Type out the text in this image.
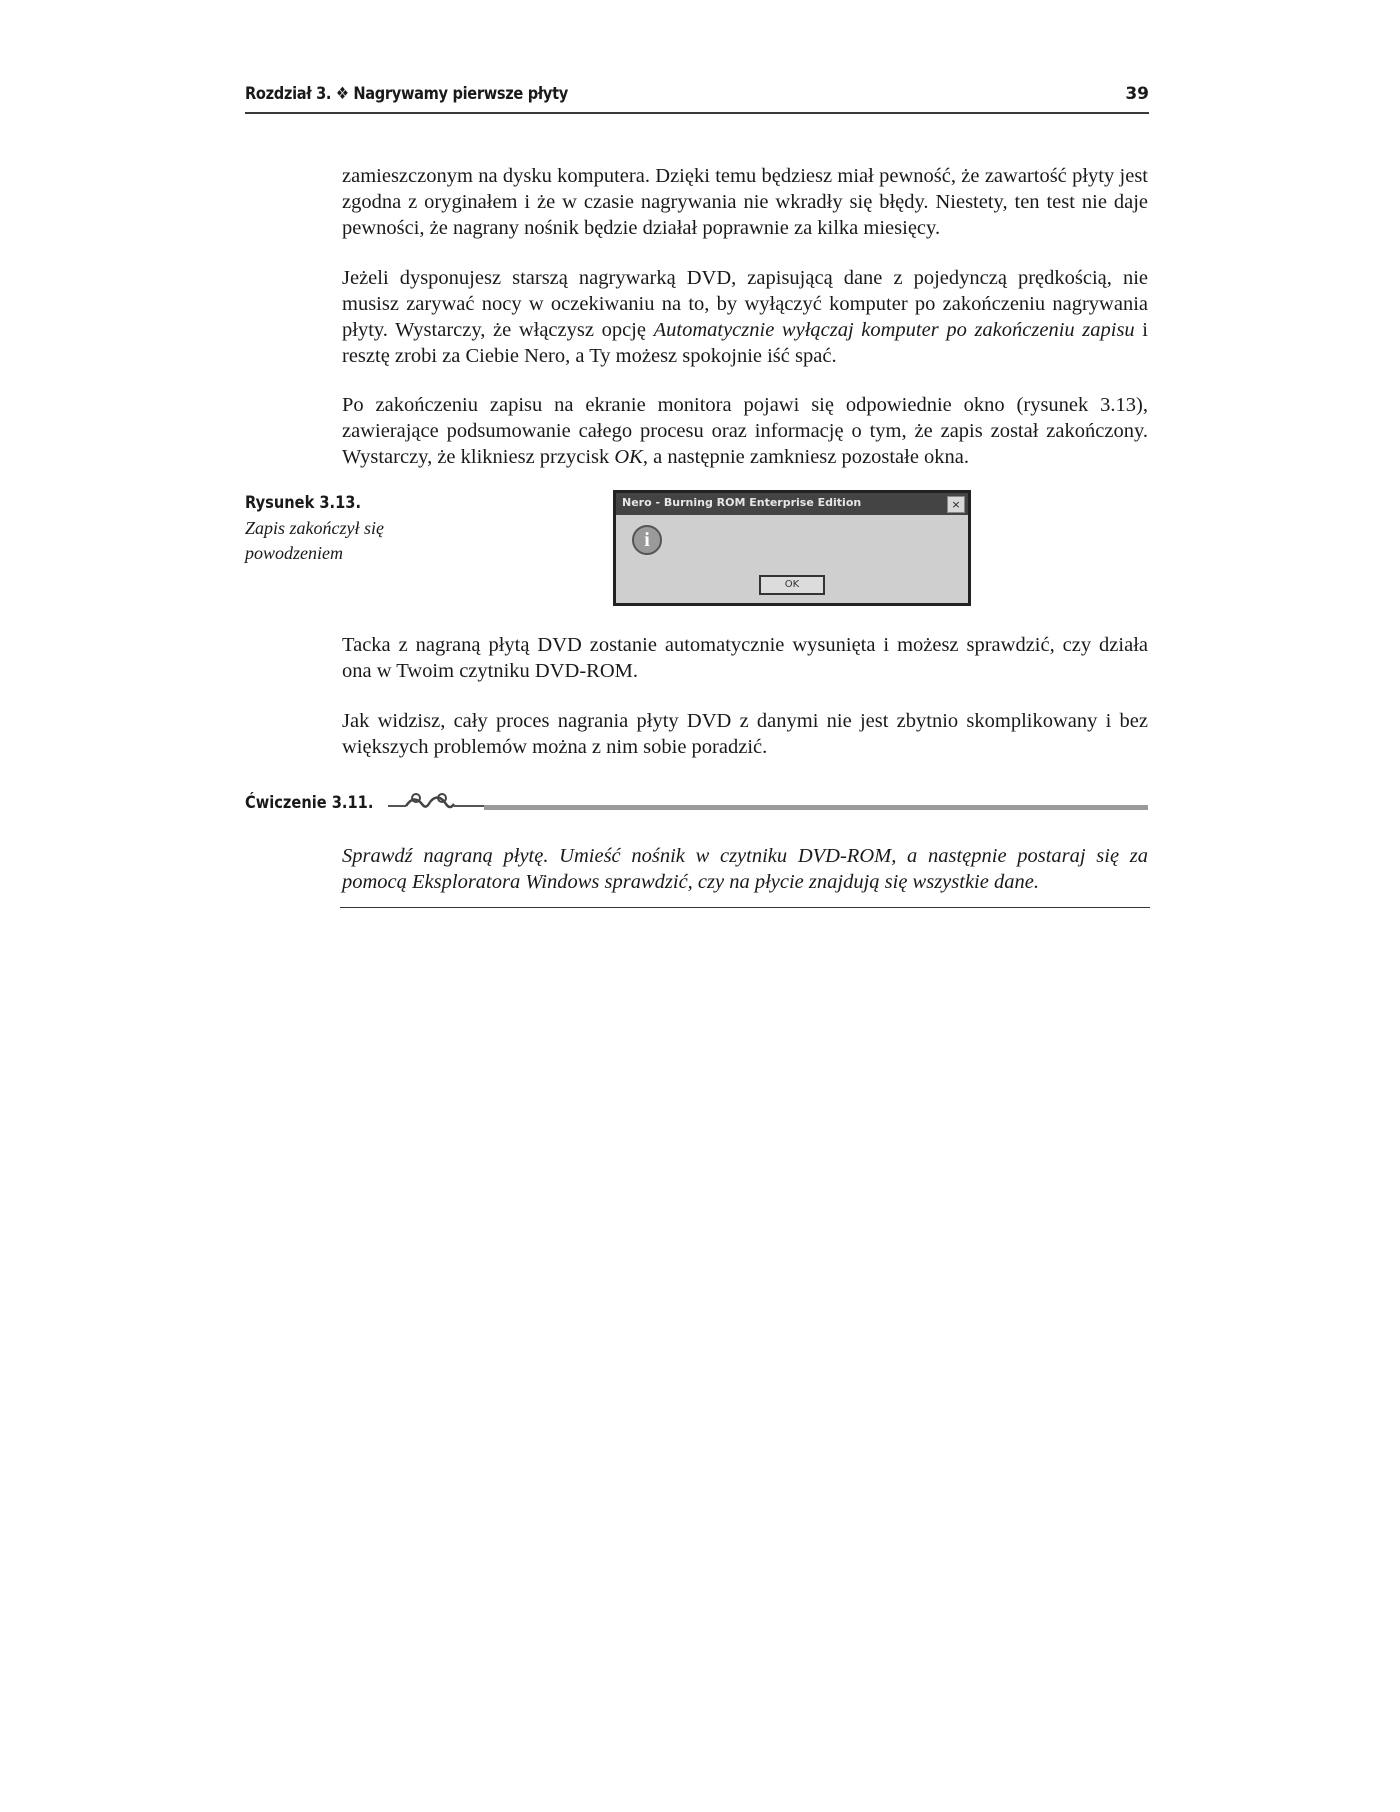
Rozdział 3. ❖ Nagrywamy pierwsze płyty	39

zamieszczonym na dysku komputera. Dzięki temu będziesz miał pewność, że zawartość płyty jest zgodna z oryginałem i że w czasie nagrywania nie wkradły się błędy. Niestety, ten test nie daje pewności, że nagrany nośnik będzie działał poprawnie za kilka miesięcy.

Jeżeli dysponujesz starszą nagrywarką DVD, zapisującą dane z pojedynczą prędkością, nie musisz zarywać nocy w oczekiwaniu na to, by wyłączyć komputer po zakończeniu nagrywania płyty. Wystarczy, że włączysz opcję Automatycznie wyłączaj komputer po zakończeniu zapisu i resztę zrobi za Ciebie Nero, a Ty możesz spokojnie iść spać.

Po zakończeniu zapisu na ekranie monitora pojawi się odpowiednie okno (rysunek 3.13), zawierające podsumowanie całego procesu oraz informację o tym, że zapis został zakończony. Wystarczy, że klikniesz przycisk OK, a następnie zamkniesz pozostałe okna.

Rysunek 3.13.
Zapis zakończył się powodzeniem
Nero - Burning ROM Enterprise Edition	×
i
OK

Tacka z nagraną płytą DVD zostanie automatycznie wysunięta i możesz sprawdzić, czy działa ona w Twoim czytniku DVD-ROM.

Jak widzisz, cały proces nagrania płyty DVD z danymi nie jest zbytnio skomplikowany i bez większych problemów można z nim sobie poradzić.

Ćwiczenie 3.11.

Sprawdź nagraną płytę. Umieść nośnik w czytniku DVD-ROM, a następnie postaraj się za pomocą Eksploratora Windows sprawdzić, czy na płycie znajdują się wszystkie dane.
